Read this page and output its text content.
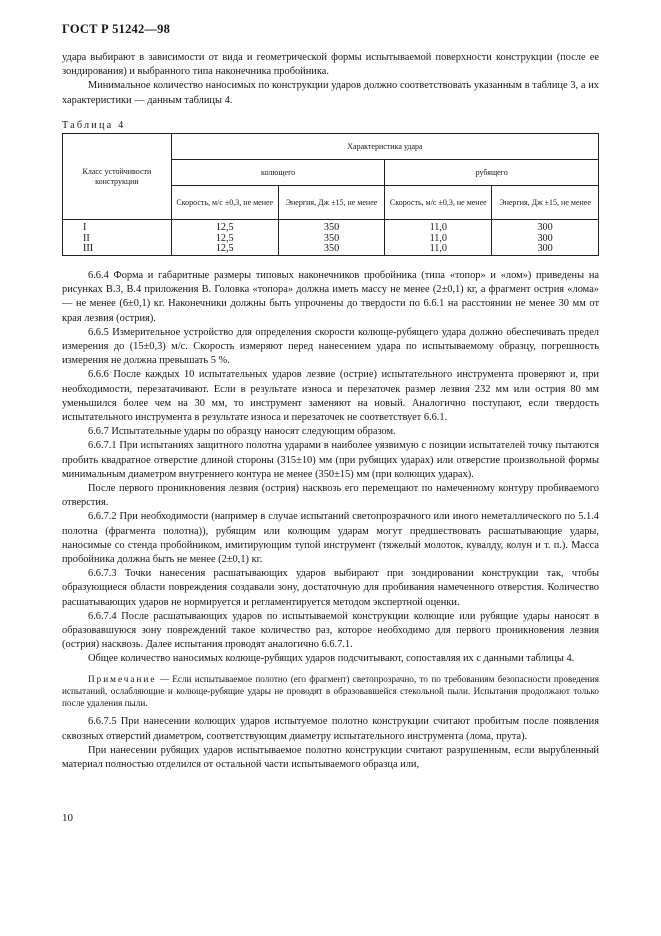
ГОСТ Р 51242—98

удара выбирают в зависимости от вида и геометрической формы испытываемой поверхности конструкции (после ее зондирования) и выбранного типа наконечника пробойника.

Минимальное количество наносимых по конструкции ударов должно соответствовать указанным в таблице 3, а их характеристики — данным таблицы 4.

Таблица 4
Класс устойчивости конструкции	Характеристика удара			
	колющего		рубящего	
	Скорость, м/с ±0,3, не менее	Энергия, Дж ±15, не менее	Скорость, м/с ±0,3, не менее	Энергия, Дж ±15, не менее
I	12,5	350	11,0	300
II	12,5	350	11,0	300
III	12,5	350	11,0	300

6.6.4 Форма и габаритные размеры типовых наконечников пробойника (типа «топор» и «лом») приведены на рисунках В.3, В.4 приложения В. Головка «топора» должна иметь массу не менее (2±0,1) кг, а фрагмент острия «лома» — не менее (6±0,1) кг. Наконечники должны быть упрочнены до твердости по 6.6.1 на расстоянии не менее 30 мм от края лезвия (острия).

6.6.5 Измерительное устройство для определения скорости колюще-рубящего удара должно обеспечивать предел измерения до (15±0,3) м/с. Скорость измеряют перед нанесением удара по испытываемому образцу, погрешность измерения не должна превышать 5 %.

6.6.6 После каждых 10 испытательных ударов лезвие (острие) испытательного инструмента проверяют и, при необходимости, перезатачивают. Если в результате износа и перезаточек размер лезвия 232 мм или острия 80 мм уменьшился более чем на 30 мм, то инструмент заменяют на новый. Аналогично поступают, если твердость испытательного инструмента в результате износа и перезаточек не соответствует 6.6.1.

6.6.7 Испытательные удары по образцу наносят следующим образом.

6.6.7.1 При испытаниях защитного полотна ударами в наиболее уязвимую с позиции испытателей точку пытаются пробить квадратное отверстие длиной стороны (315±10) мм (при рубящих ударах) или отверстие произвольной формы минимальным диаметром внутреннего контура не менее (350±15) мм (при колющих ударах).

После первого проникновения лезвия (острия) насквозь его перемещают по намеченному контуру пробиваемого отверстия.

6.6.7.2 При необходимости (например в случае испытаний светопрозрачного или иного неметаллического по 5.1.4 полотна (фрагмента полотна)), рубящим или колющим ударам могут предшествовать расшатывающие удары, наносимые со стенда пробойником, имитирующим тупой инструмент (тяжелый молоток, кувалду, колун и т. п.). Масса пробойника должна быть не менее (2±0,1) кг.

6.6.7.3 Точки нанесения расшатывающих ударов выбирают при зондировании конструкции так, чтобы образующиеся области повреждения создавали зону, достаточную для пробивания намеченного отверстия. Количество расшатывающих ударов не нормируется и регламентируется методом экспертной оценки.

6.6.7.4 После расшатывающих ударов по испытываемой конструкции колющие или рубящие удары наносят в образовавшуюся зону повреждений такое количество раз, которое необходимо для первого проникновения лезвия (острия) насквозь. Далее испытания проводят аналогично 6.6.7.1.

Общее количество наносимых колюще-рубящих ударов подсчитывают, сопоставляя их с данными таблицы 4.

Примечание — Если испытываемое полотно (его фрагмент) светопрозрачно, то по требованиям безопасности проведения испытаний, ослабляющие и колюще-рубящие удары не проводят в образовавшейся стекольной пыли. Испытания продолжают только после удаления пыли.

6.6.7.5 При нанесении колющих ударов испытуемое полотно конструкции считают пробитым после появления сквозных отверстий диаметром, соответствующим диаметру испытательного инструмента (лома, прута).

При нанесении рубящих ударов испытываемое полотно конструкции считают разрушенным, если вырубленный материал полностью отделился от остальной части испытываемого образца или,

10
